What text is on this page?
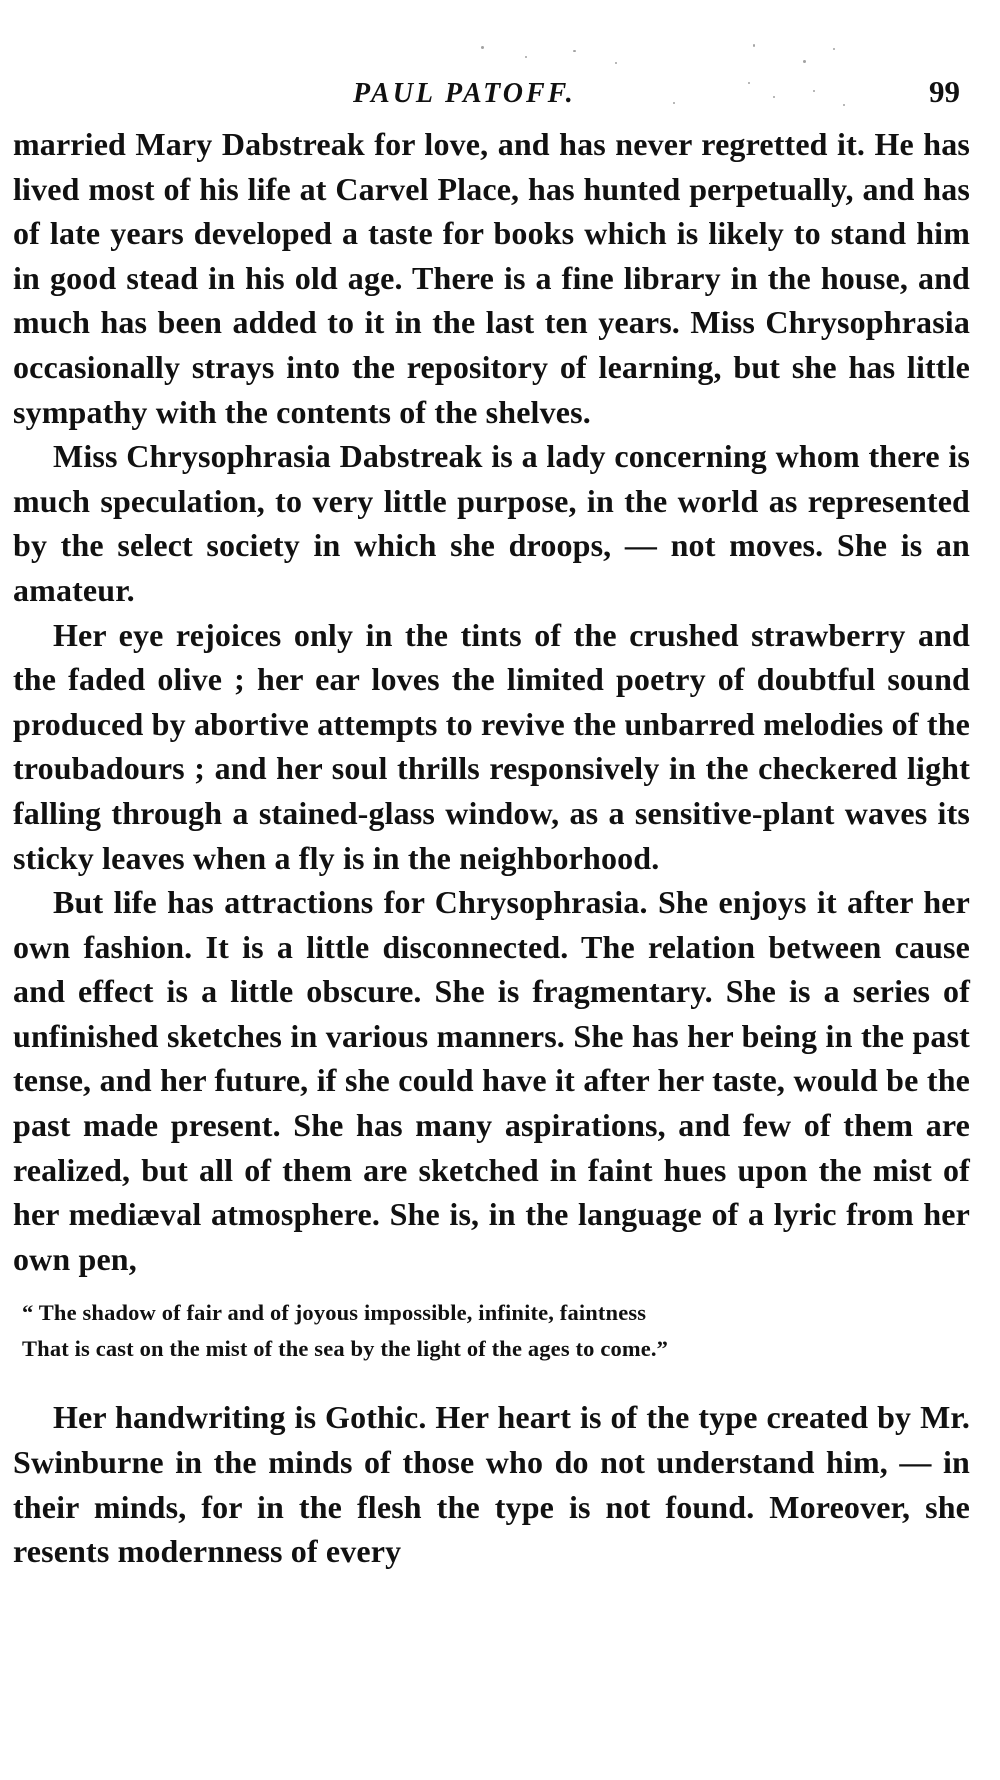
PAUL PATOFF.	99

married Mary Dabstreak for love, and has never regretted it. He has lived most of his life at Carvel Place, has hunted perpetually, and has of late years developed a taste for books which is likely to stand him in good stead in his old age. There is a fine library in the house, and much has been added to it in the last ten years. Miss Chrysophrasia occasionally strays into the repository of learning, but she has little sympathy with the contents of the shelves.

Miss Chrysophrasia Dabstreak is a lady concerning whom there is much speculation, to very little purpose, in the world as represented by the select society in which she droops, — not moves. She is an amateur.

Her eye rejoices only in the tints of the crushed strawberry and the faded olive ; her ear loves the limited poetry of doubtful sound produced by abortive attempts to revive the unbarred melodies of the troubadours ; and her soul thrills responsively in the checkered light falling through a stained-glass window, as a sensitive-plant waves its sticky leaves when a fly is in the neighborhood.

But life has attractions for Chrysophrasia. She enjoys it after her own fashion. It is a little disconnected. The relation between cause and effect is a little obscure. She is fragmentary. She is a series of unfinished sketches in various manners. She has her being in the past tense, and her future, if she could have it after her taste, would be the past made present. She has many aspirations, and few of them are realized, but all of them are sketched in faint hues upon the mist of her mediæval atmosphere. She is, in the language of a lyric from her own pen,

“ The shadow of fair and of joyous impossible, infinite, faintness
That is cast on the mist of the sea by the light of the ages to come.”

Her handwriting is Gothic. Her heart is of the type created by Mr. Swinburne in the minds of those who do not understand him, — in their minds, for in the flesh the type is not found. Moreover, she resents modernness of every
